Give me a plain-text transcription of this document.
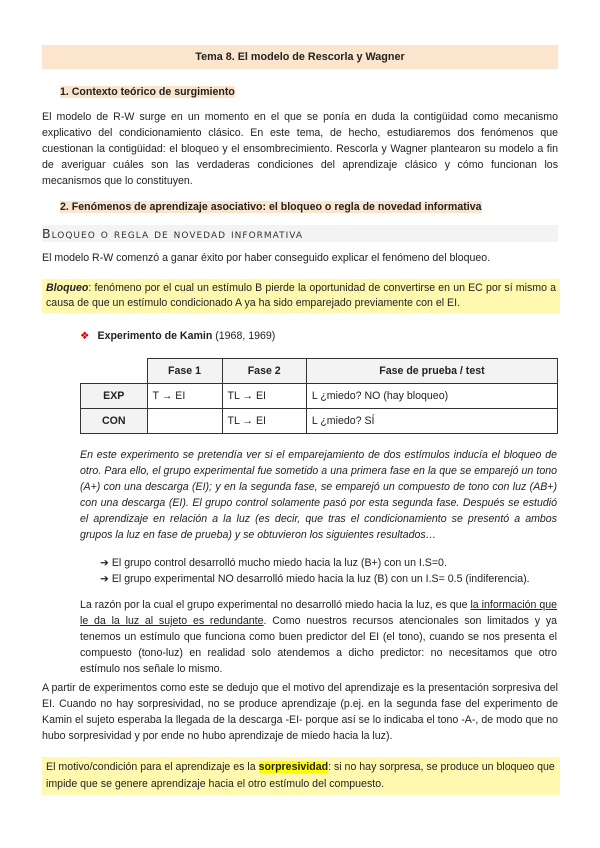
Tema 8. El modelo de Rescorla y Wagner
1. Contexto teórico de surgimiento
El modelo de R-W surge en un momento en el que se ponía en duda la contigüidad como mecanismo explicativo del condicionamiento clásico. En este tema, de hecho, estudiaremos dos fenómenos que cuestionan la contigüidad: el bloqueo y el ensombrecimiento. Rescorla y Wagner plantearon su modelo a fin de averiguar cuáles son las verdaderas condiciones del aprendizaje clásico y cómo funcionan los mecanismos que lo constituyen.
2. Fenómenos de aprendizaje asociativo: el bloqueo o regla de novedad informativa
Bloqueo o regla de novedad informativa
El modelo R-W comenzó a ganar éxito por haber conseguido explicar el fenómeno del bloqueo.
Bloqueo: fenómeno por el cual un estímulo B pierde la oportunidad de convertirse en un EC por sí mismo a causa de que un estímulo condicionado A ya ha sido emparejado previamente con el EI.
❖ Experimento de Kamin (1968, 1969)
	Fase 1	Fase 2	Fase de prueba / test
EXP	T → EI	TL → EI	L ¿miedo? NO (hay bloqueo)
CON		TL → EI	L ¿miedo? SÍ
En este experimento se pretendía ver si el emparejamiento de dos estímulos inducía el bloqueo de otro. Para ello, el grupo experimental fue sometido a una primera fase en la que se emparejó un tono (A+) con una descarga (EI); y en la segunda fase, se emparejó un compuesto de tono con luz (AB+) con una descarga (EI). El grupo control solamente pasó por esta segunda fase. Después se estudió el aprendizaje en relación a la luz (es decir, que tras el condicionamiento se presentó a ambos grupos la luz en fase de prueba) y se obtuvieron los siguientes resultados…
➔ El grupo control desarrolló mucho miedo hacia la luz (B+) con un I.S=0.
➔ El grupo experimental NO desarrolló miedo hacia la luz (B) con un I.S= 0.5 (indiferencia).
La razón por la cual el grupo experimental no desarrolló miedo hacia la luz, es que la información que le da la luz al sujeto es redundante. Como nuestros recursos atencionales son limitados y ya tenemos un estímulo que funciona como buen predictor del EI (el tono), cuando se nos presenta el compuesto (tono-luz) en realidad solo atendemos a dicho predictor: no necesitamos que otro estímulo nos señale lo mismo.
A partir de experimentos como este se dedujo que el motivo del aprendizaje es la presentación sorpresiva del EI. Cuando no hay sorpresividad, no se produce aprendizaje (p.ej. en la segunda fase del experimento de Kamin el sujeto esperaba la llegada de la descarga -EI- porque así se lo indicaba el tono -A-, de modo que no hubo sorpresividad y por ende no hubo aprendizaje de miedo hacia la luz).
El motivo/condición para el aprendizaje es la sorpresividad: si no hay sorpresa, se produce un bloqueo que impide que se genere aprendizaje hacia el otro estímulo del compuesto.
